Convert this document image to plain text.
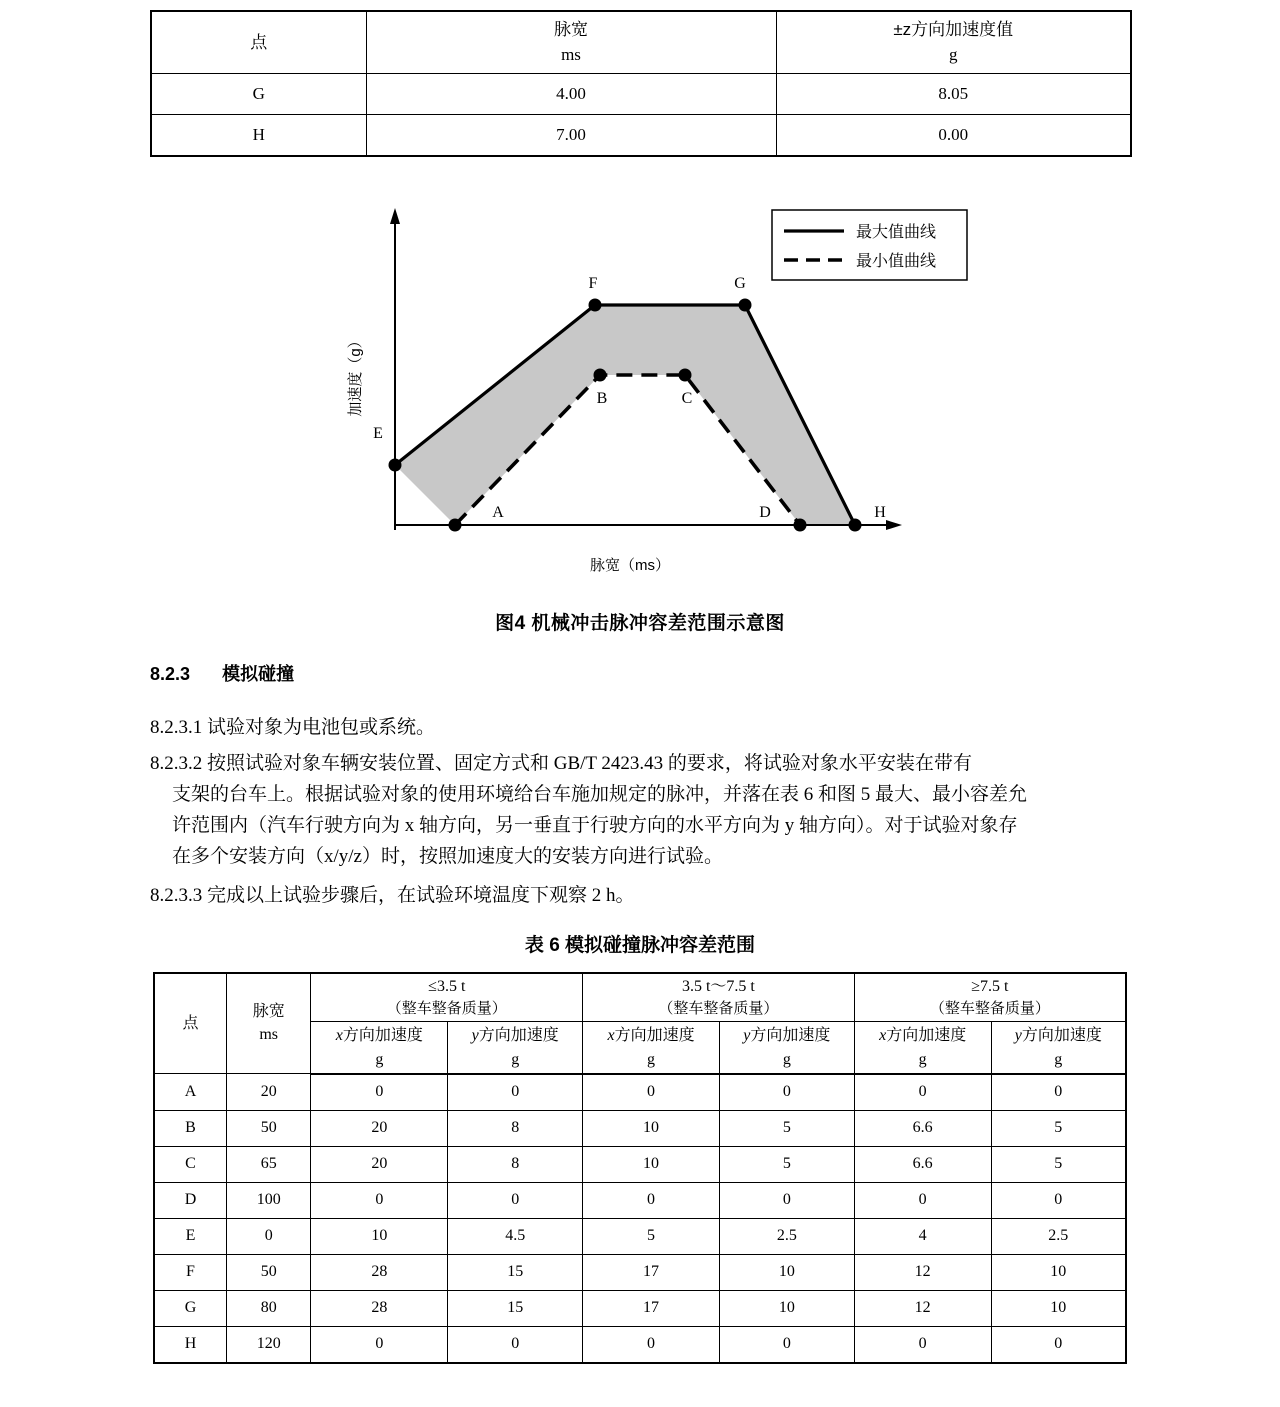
点

脉宽
ms

±z方向加速度值
g

G	4.00	8.05
H	7.00	0.00
F	G
B	C
E
A	D	H
最大值曲线
最小值曲线
加速度（g）
脉宽（ms）
图4 机械冲击脉冲容差范围示意图
8.2.3 模拟碰撞
8.2.3.1 试验对象为电池包或系统。
8.2.3.2 按照试验对象车辆安装位置、固定方式和 GB/T 2423.43 的要求，将试验对象水平安装在带有
支架的台车上。根据试验对象的使用环境给台车施加规定的脉冲，并落在表 6 和图 5 最大、最小容差允
许范围内（汽车行驶方向为 x 轴方向，另一垂直于行驶方向的水平方向为 y 轴方向）。对于试验对象存
在多个安装方向（x/y/z）时，按照加速度大的安装方向进行试验。
8.2.3.3 完成以上试验步骤后，在试验环境温度下观察 2 h。
表 6 模拟碰撞脉冲容差范围
点

脉宽
ms

≤3.5 t
（整车整备质量）

3.5 t～7.5 t
（整车整备质量）

≥7.5 t
（整车整备质量）

x方向加速度
g

y方向加速度
g

x方向加速度
g

y方向加速度
g

x方向加速度
g

y方向加速度
g

A	20	0	0	0	0	0	0
B	50	20	8	10	5	6.6	5
C	65	20	8	10	5	6.6	5
D	100	0	0	0	0	0	0
E	0	10	4.5	5	2.5	4	2.5
F	50	28	15	17	10	12	10
G	80	28	15	17	10	12	10
H	120	0	0	0	0	0	0
